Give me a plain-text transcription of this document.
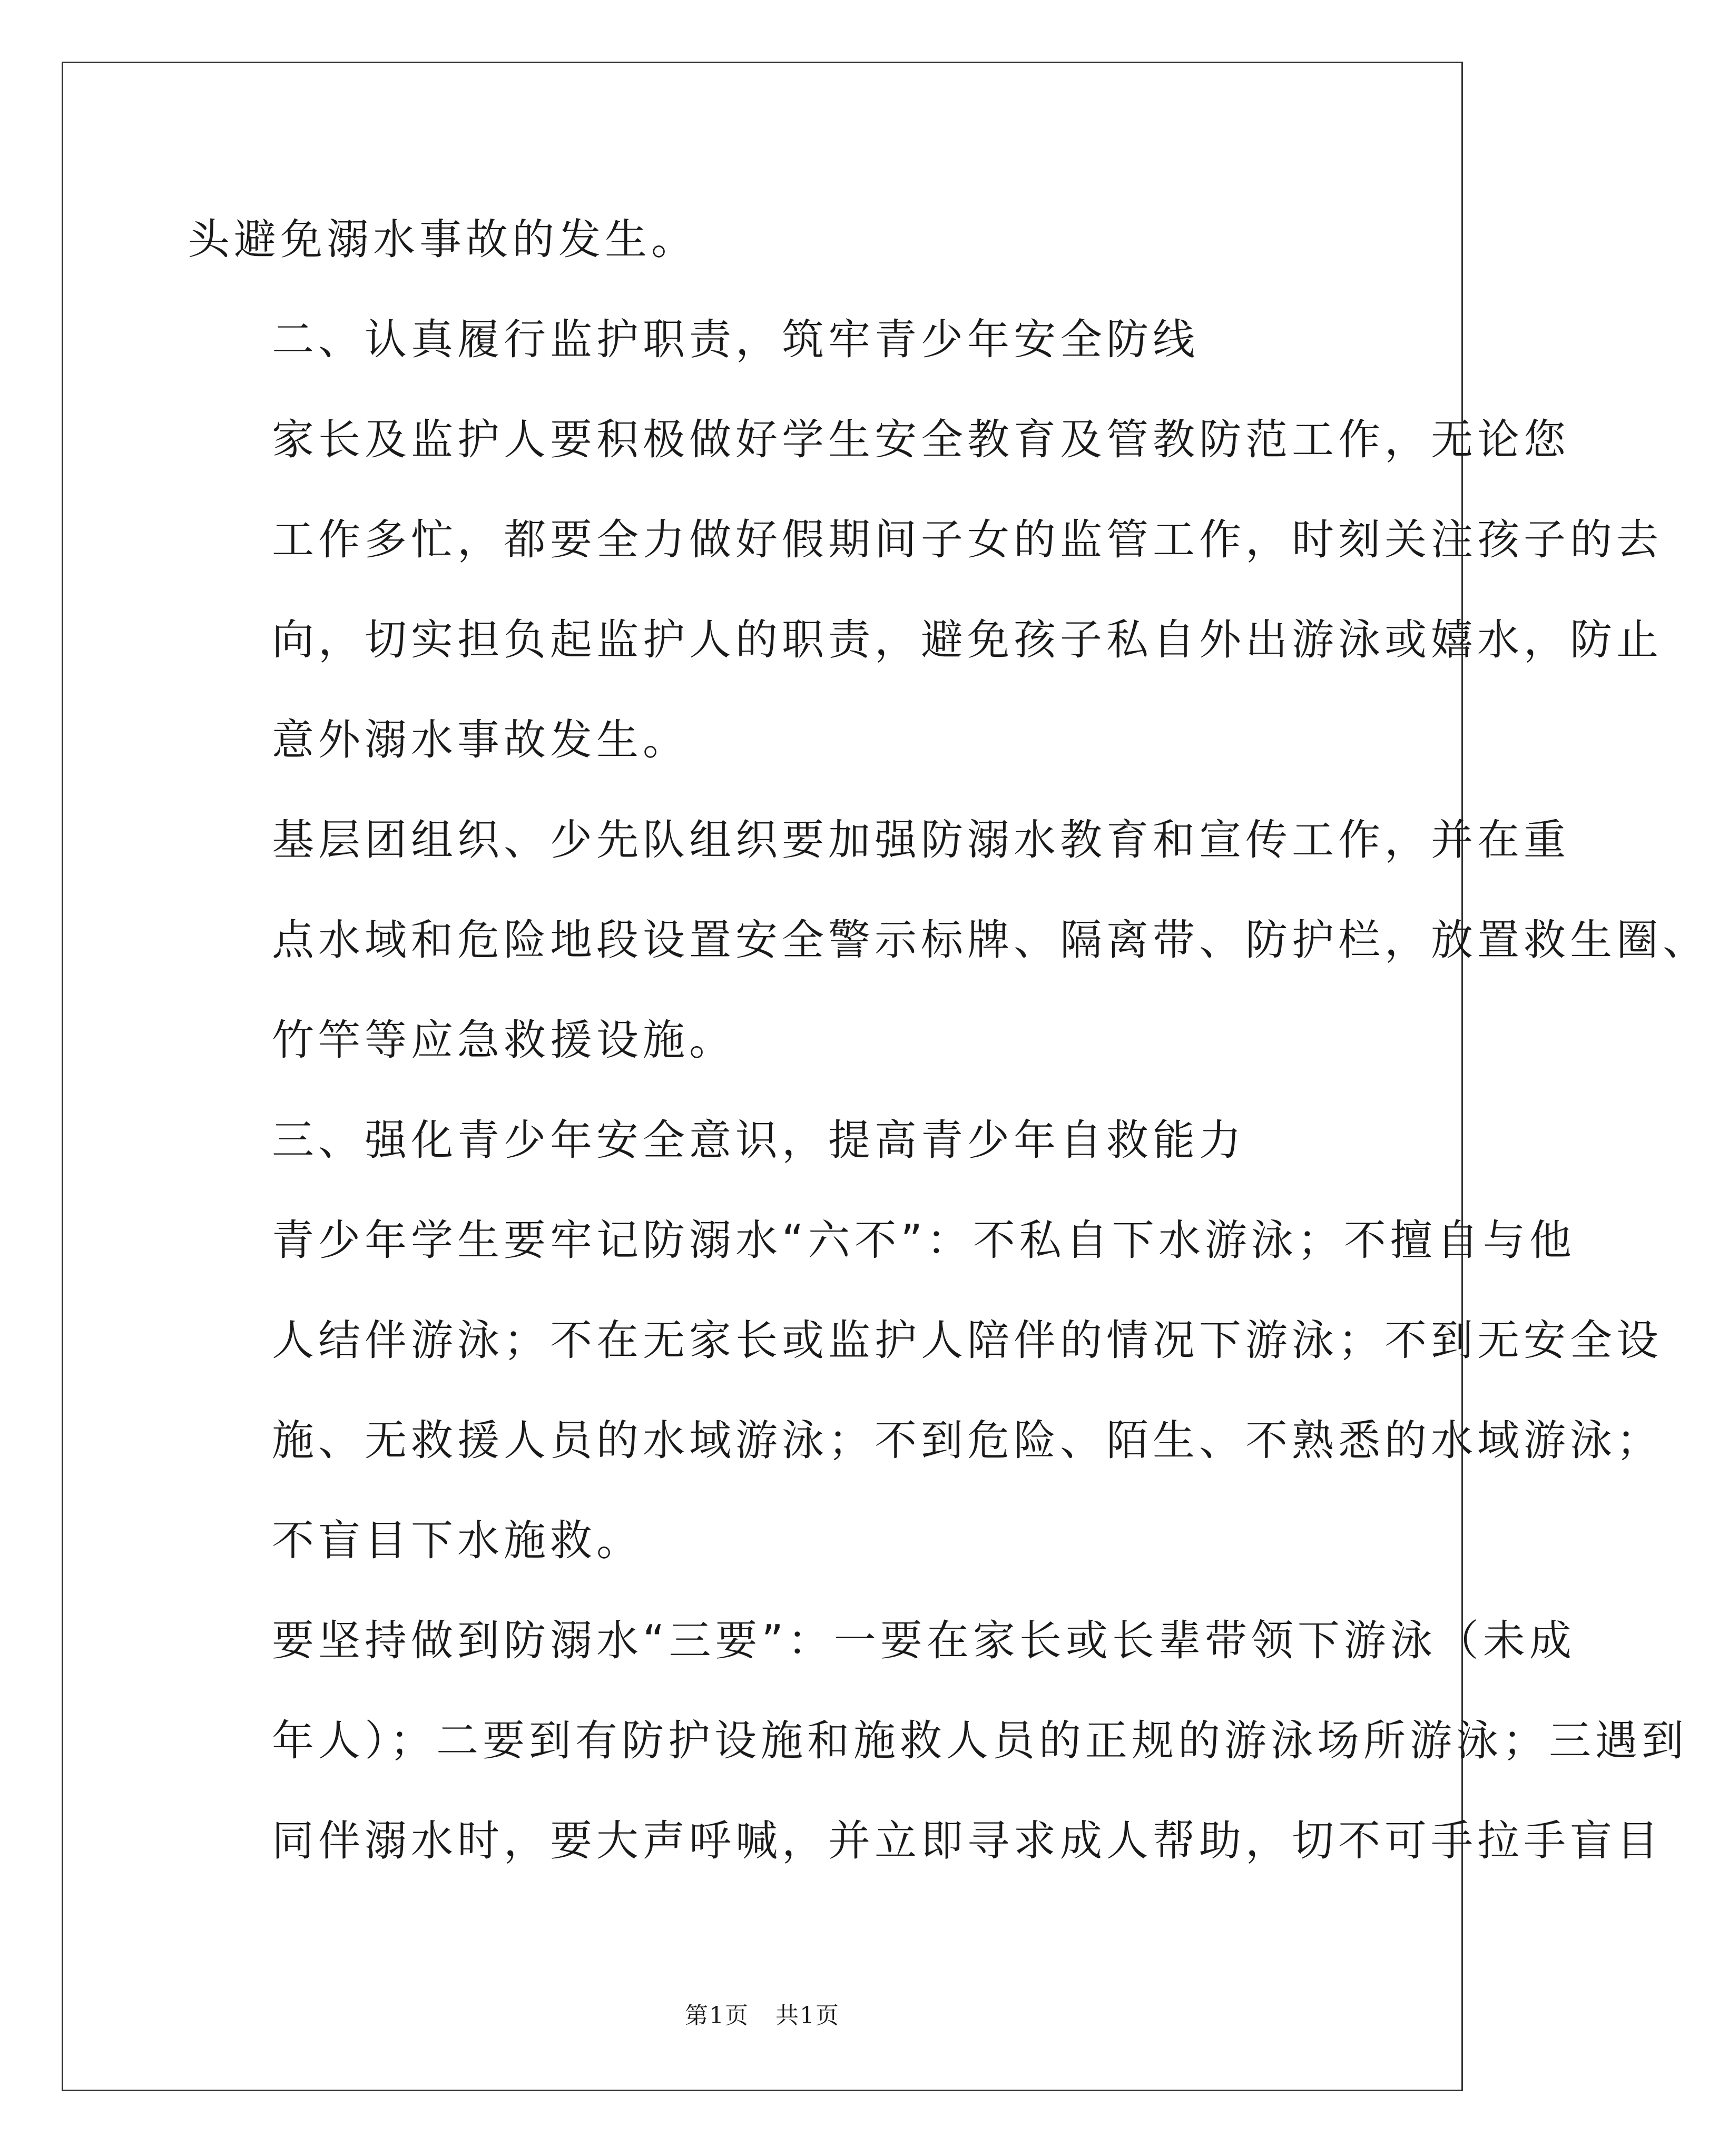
头避免溺水事故的发生。

二、认真履行监护职责，筑牢青少年安全防线

家长及监护人要积极做好学生安全教育及管教防范工作，无论您
工作多忙，都要全力做好假期间子女的监管工作，时刻关注孩子的去
向，切实担负起监护人的职责，避免孩子私自外出游泳或嬉水，防止
意外溺水事故发生。

基层团组织、少先队组织要加强防溺水教育和宣传工作，并在重
点水域和危险地段设置安全警示标牌、隔离带、防护栏，放置救生圈、
竹竿等应急救援设施。

三、强化青少年安全意识，提高青少年自救能力

青少年学生要牢记防溺水“六不”：不私自下水游泳；不擅自与他
人结伴游泳；不在无家长或监护人陪伴的情况下游泳；不到无安全设
施、无救援人员的水域游泳；不到危险、陌生、不熟悉的水域游泳；
不盲目下水施救。

要坚持做到防溺水“三要”：一要在家长或长辈带领下游泳（未成
年人）；二要到有防护设施和施救人员的正规的游泳场所游泳；三遇到
同伴溺水时，要大声呼喊，并立即寻求成人帮助，切不可手拉手盲目

第1页 共1页
